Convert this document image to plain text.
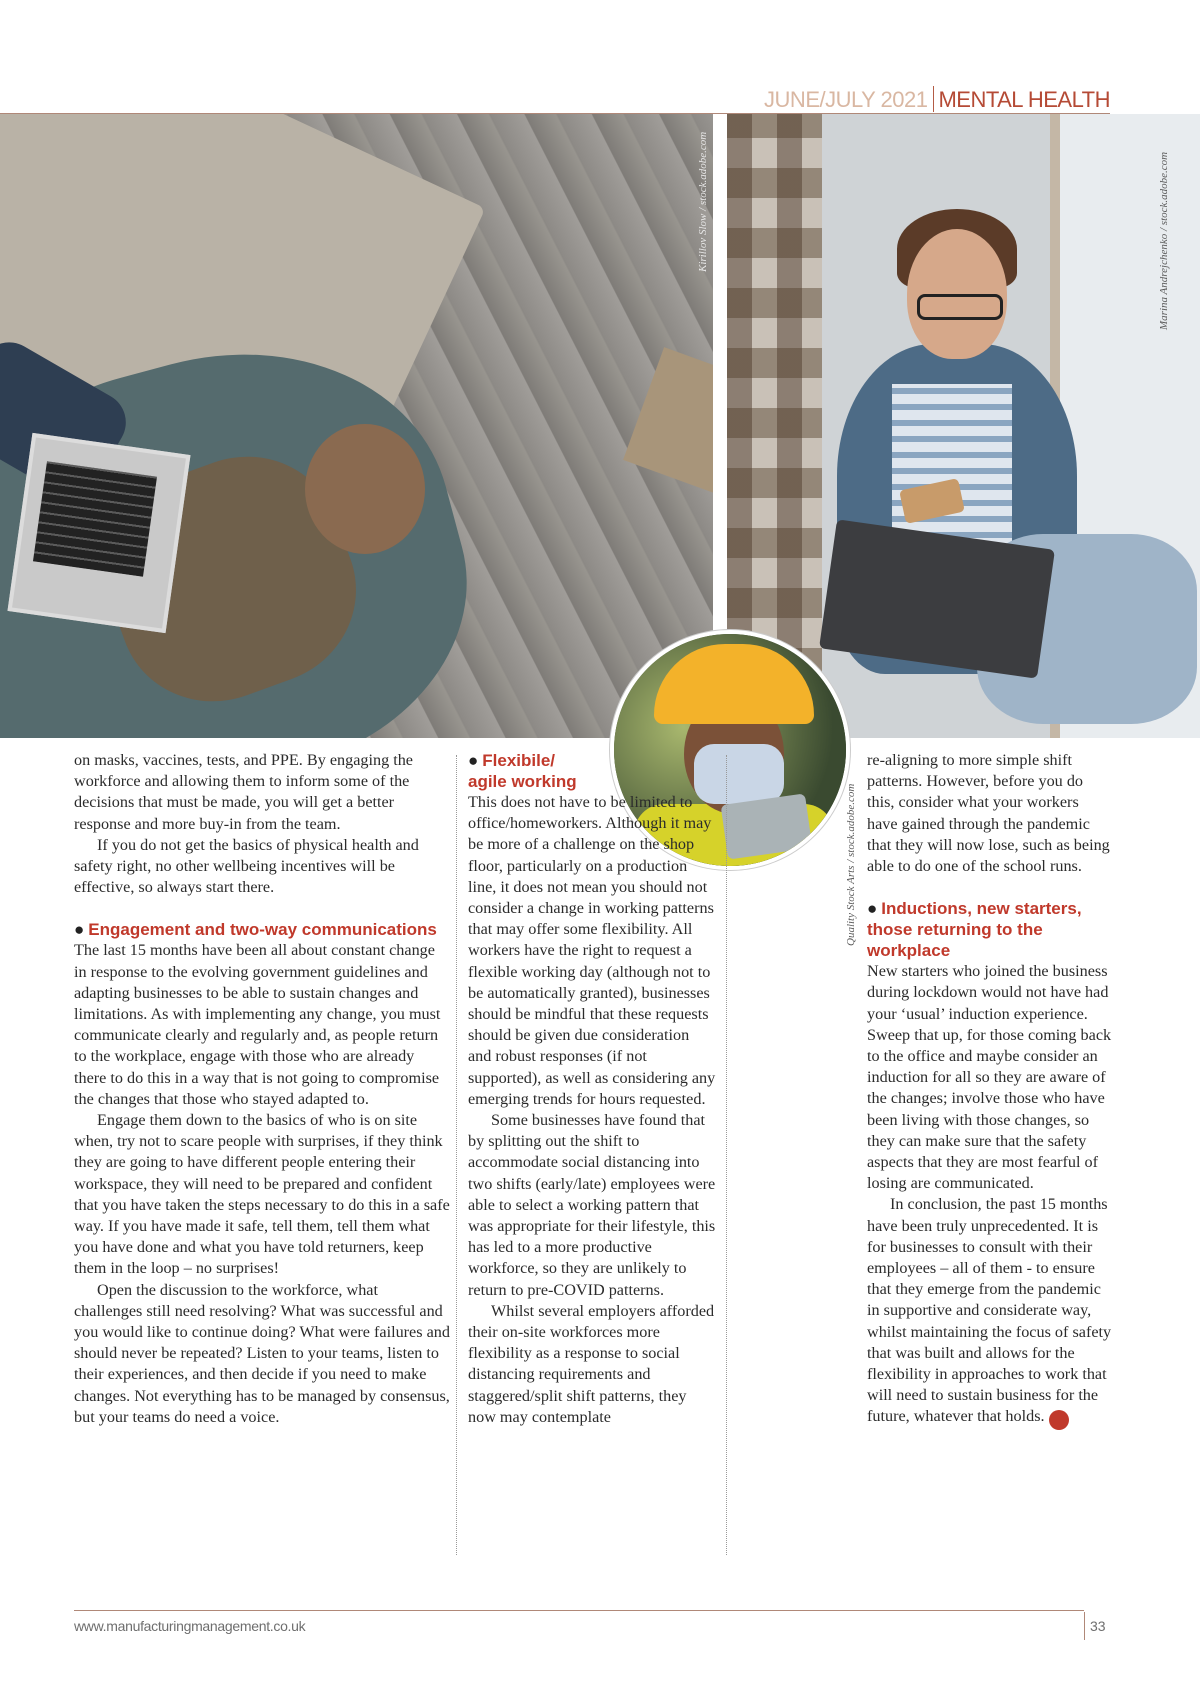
JUNE/JULY 2021 MENTAL HEALTH
Kirillov Slow / stock.adobe.com	Marina Andrejchenko / stock.adobe.com
Quality Stock Arts / stock.adobe.com

on masks, vaccines, tests, and PPE. By engaging the workforce and allowing them to inform some of the decisions that must be made, you will get a better response and more buy-in from the team.

If you do not get the basics of physical health and safety right, no other wellbeing incentives will be effective, so always start there.

● Engagement and two-way communications

The last 15 months have been all about constant change in response to the evolving government guidelines and adapting businesses to be able to sustain changes and limitations. As with implementing any change, you must communicate clearly and regularly and, as people return to the workplace, engage with those who are already there to do this in a way that is not going to compromise the changes that those who stayed adapted to.

Engage them down to the basics of who is on site when, try not to scare people with surprises, if they think they are going to have different people entering their workspace, they will need to be prepared and confident that you have taken the steps necessary to do this in a safe way. If you have made it safe, tell them, tell them what you have done and what you have told returners, keep them in the loop – no surprises!

Open the discussion to the workforce, what challenges still need resolving? What was successful and you would like to continue doing? What were failures and should never be repeated? Listen to your teams, listen to their experiences, and then decide if you need to make changes. Not everything has to be managed by consensus, but your teams do need a voice.

● Flexibile/ agile working

This does not have to be limited to office/homeworkers. Although it may be more of a challenge on the shop floor, particularly on a production line, it does not mean you should not consider a change in working patterns that may offer some flexibility. All workers have the right to request a flexible working day (although not to be automatically granted), businesses should be mindful that these requests should be given due consideration and robust responses (if not supported), as well as considering any emerging trends for hours requested.

Some businesses have found that by splitting out the shift to accommodate social distancing into two shifts (early/late) employees were able to select a working pattern that was appropriate for their lifestyle, this has led to a more productive workforce, so they are unlikely to return to pre-COVID patterns.

Whilst several employers afforded their on-site workforces more flexibility as a response to social distancing requirements and staggered/split shift patterns, they now may contemplate

re-aligning to more simple shift patterns. However, before you do this, consider what your workers have gained through the pandemic that they will now lose, such as being able to do one of the school runs.

● Inductions, new starters, those returning to the workplace

New starters who joined the business during lockdown would not have had your ‘usual’ induction experience. Sweep that up, for those coming back to the office and maybe consider an induction for all so they are aware of the changes; involve those who have been living with those changes, so they can make sure that the safety aspects that they are most fearful of losing are communicated.

In conclusion, the past 15 months have been truly unprecedented. It is for businesses to consult with their employees – all of them - to ensure that they emerge from the pandemic in supportive and considerate way, whilst maintaining the focus of safety that was built and allows for the flexibility in approaches to work that will need to sustain business for the future, whatever that holds. M

www.manufacturingmanagement.co.uk	33
